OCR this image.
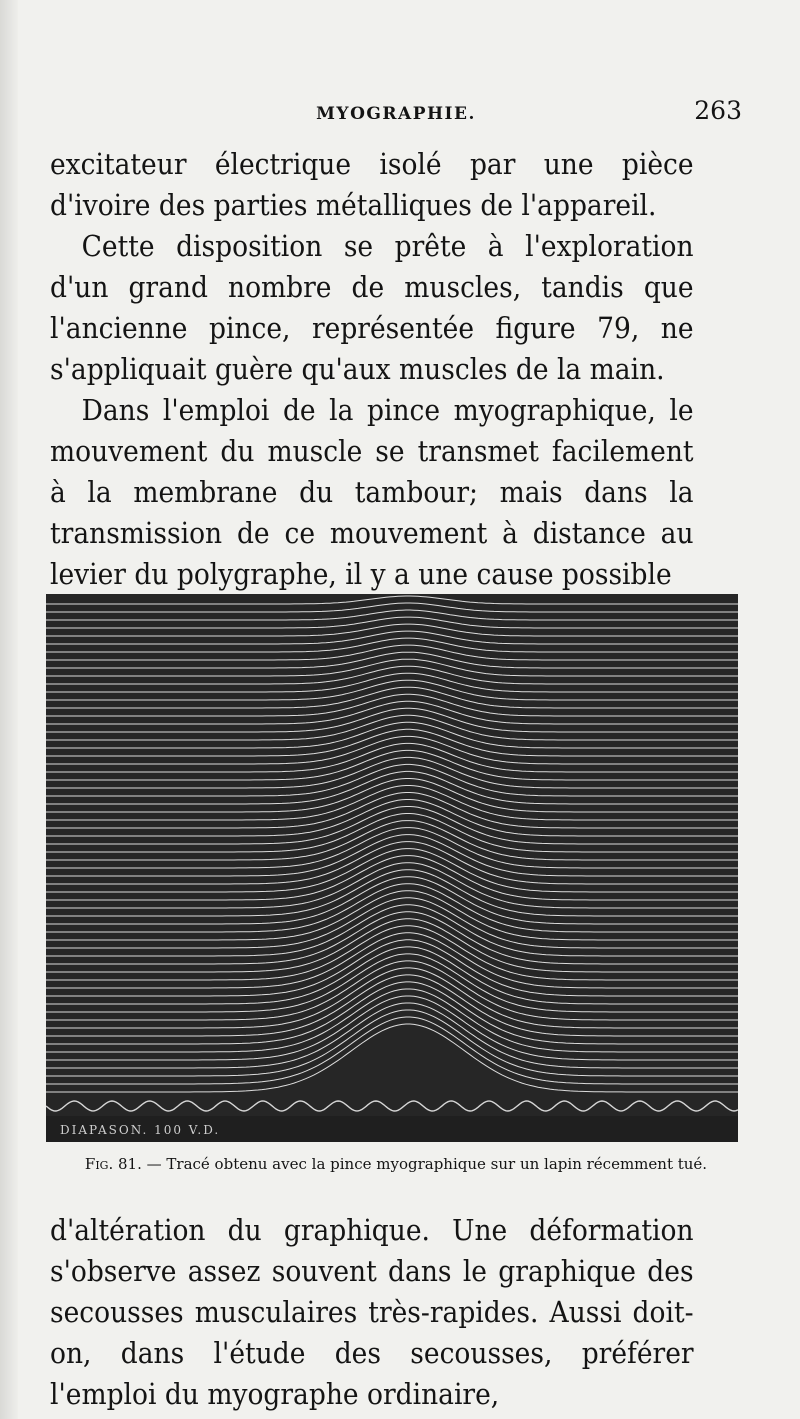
MYOGRAPHIE.	263

excitateur électrique isolé par une pièce d'ivoire des parties métalliques de l'appareil.

Cette disposition se prête à l'exploration d'un grand nombre de muscles, tandis que l'ancienne pince, représentée figure 79, ne s'appliquait guère qu'aux muscles de la main.

Dans l'emploi de la pince myographique, le mouvement du muscle se transmet facilement à la membrane du tambour; mais dans la transmission de ce mouvement à distance au levier du polygraphe, il y a une cause possible

DIAPASON. 100 V.D.
Fig. 81. — Tracé obtenu avec la pince myographique sur un lapin récemment tué.

d'altération du graphique. Une déformation s'observe assez souvent dans le graphique des secousses musculaires très-rapides. Aussi doit-on, dans l'étude des secousses, préférer l'emploi du myographe ordinaire,
